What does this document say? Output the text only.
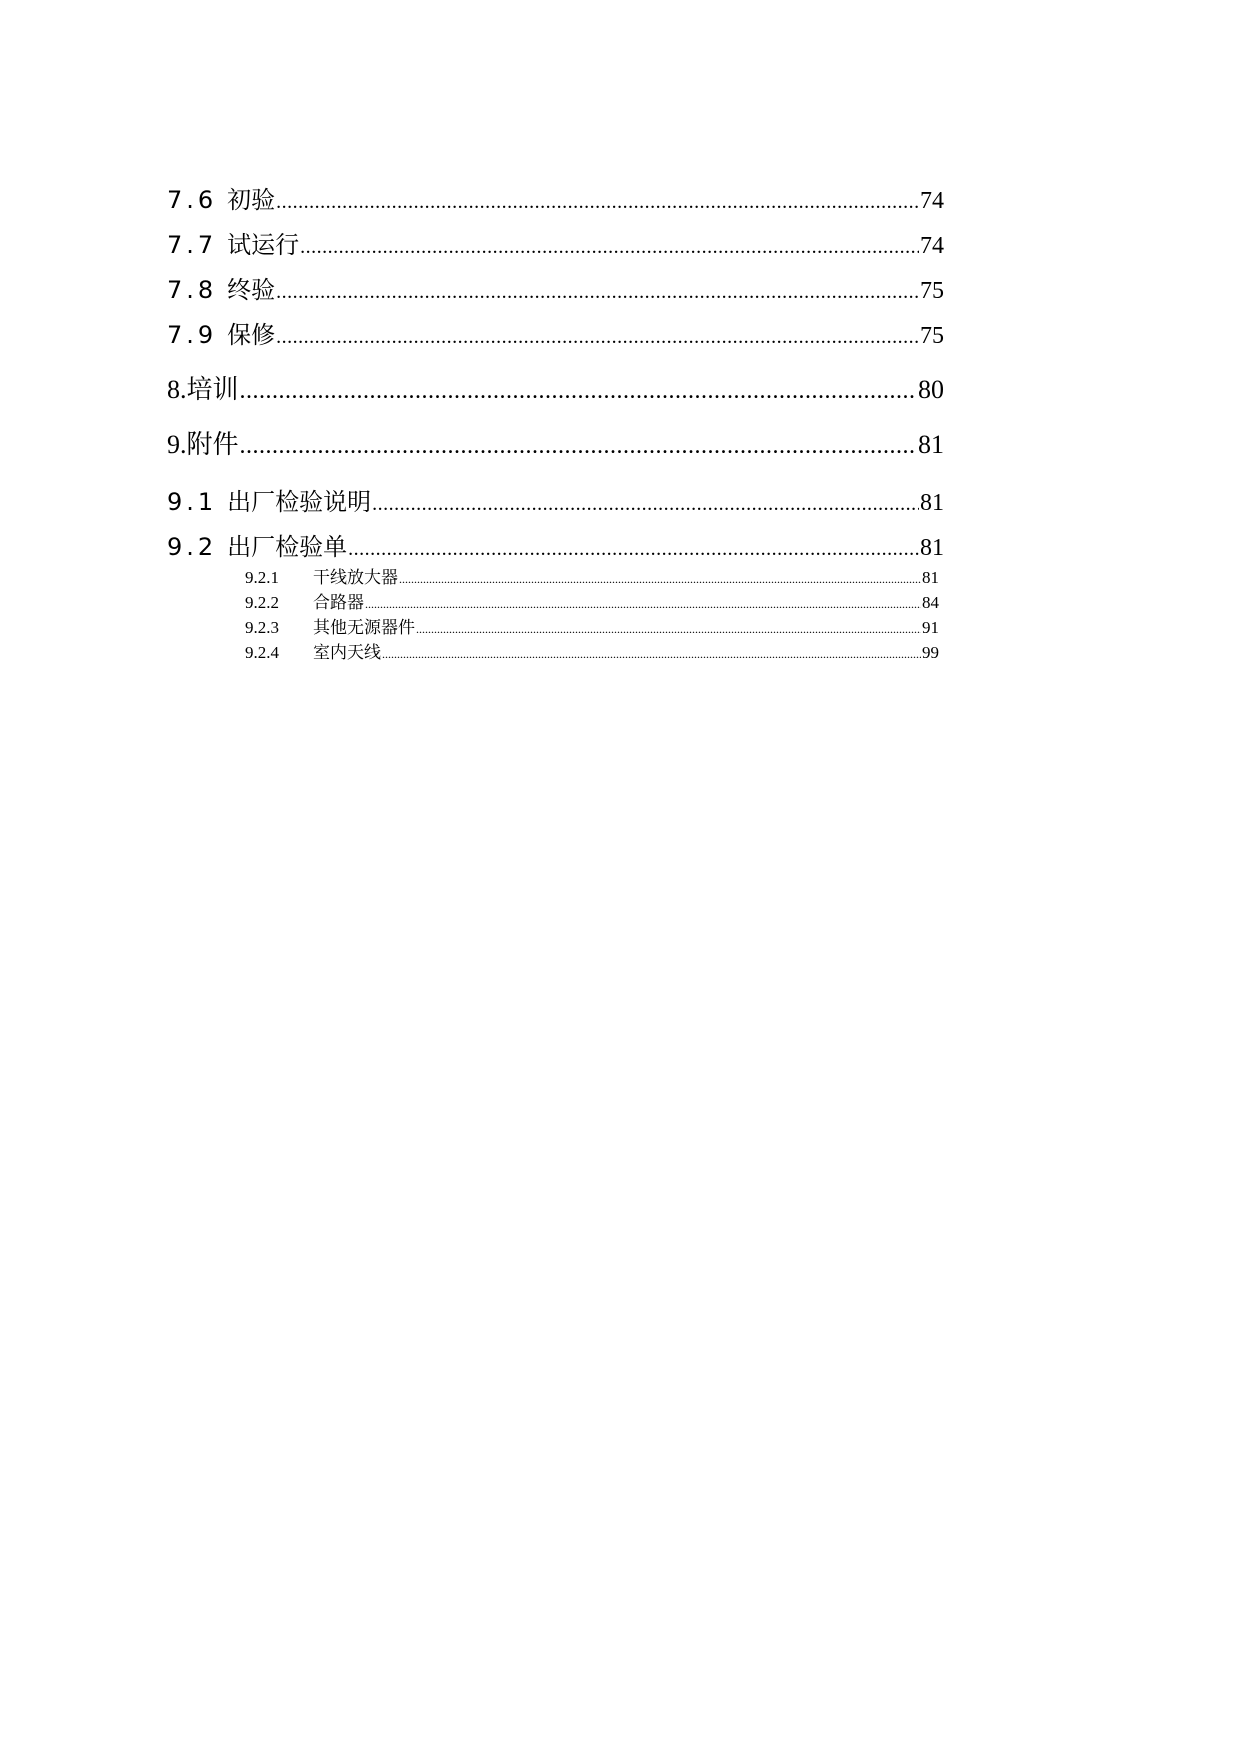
7.6 初验 .....	74
7.7 试运行 .....	74
7.8 终验 .....	75
7.9 保修 .....	75
8. 培训 .....	80
9. 附件 .....	81
9.1 出厂检验说明 .....	81
9.2 出厂检验单 .....	81
9.2.1	干线放大器 .....	81
9.2.2	合路器 .....	84
9.2.3	其他无源器件 .....	91
9.2.4	室内天线 .....	99
